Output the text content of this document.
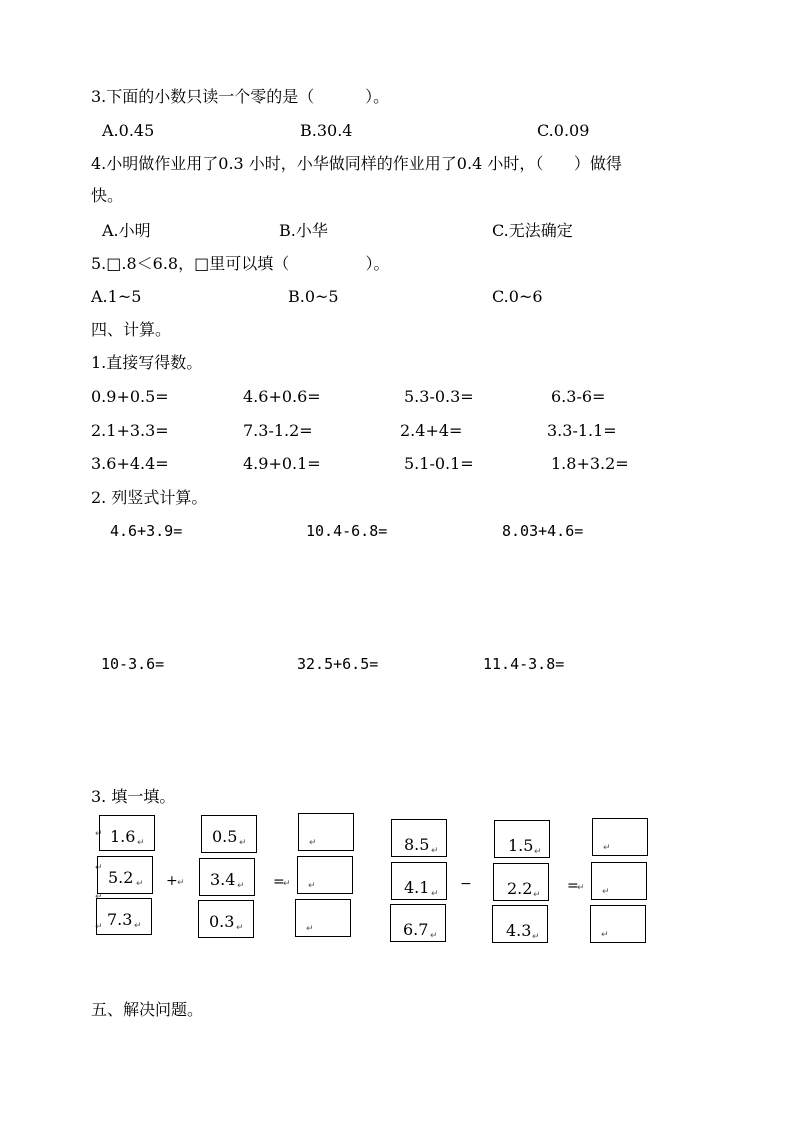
3.下面的小数只读一个零的是（          ）。
A.0.45	B.30.4	C.0.09
4.小明做作业用了0.3 小时，小华做同样的作业用了0.4 小时，（      ）做得
快。
A.小明	B.小华	C.无法确定
5.□.8＜6.8，□里可以填（               ）。
A.1~5	B.0~5	C.0~6
四、计算。
1.直接写得数。
0.9+0.5=	4.6+0.6=	5.3-0.3=	6.3-6=
2.1+3.3=	7.3-1.2=	2.4+4=	3.3-1.1=
3.6+4.4=	4.9+0.1=	5.1-0.1=	1.8+3.2=
2. 列竖式计算。
4.6+3.9=	10.4-6.8=	8.03+4.6=
10-3.6=	32.5+6.5=	11.4-3.8=
3. 填一填。
↵
↵
↵
↵
1.6 ↵
5.2 ↵
7.3 ↵
+ ↵
0.5 ↵
3.4 ↵
0.3 ↵
=
↵
↵
↵
↵
8.5 ↵
4.1 ↵
6.7 ↵
−
1.5 ↵
2.2 ↵
4.3 ↵
=
↵
↵
↵
↵
五、解决问题。
